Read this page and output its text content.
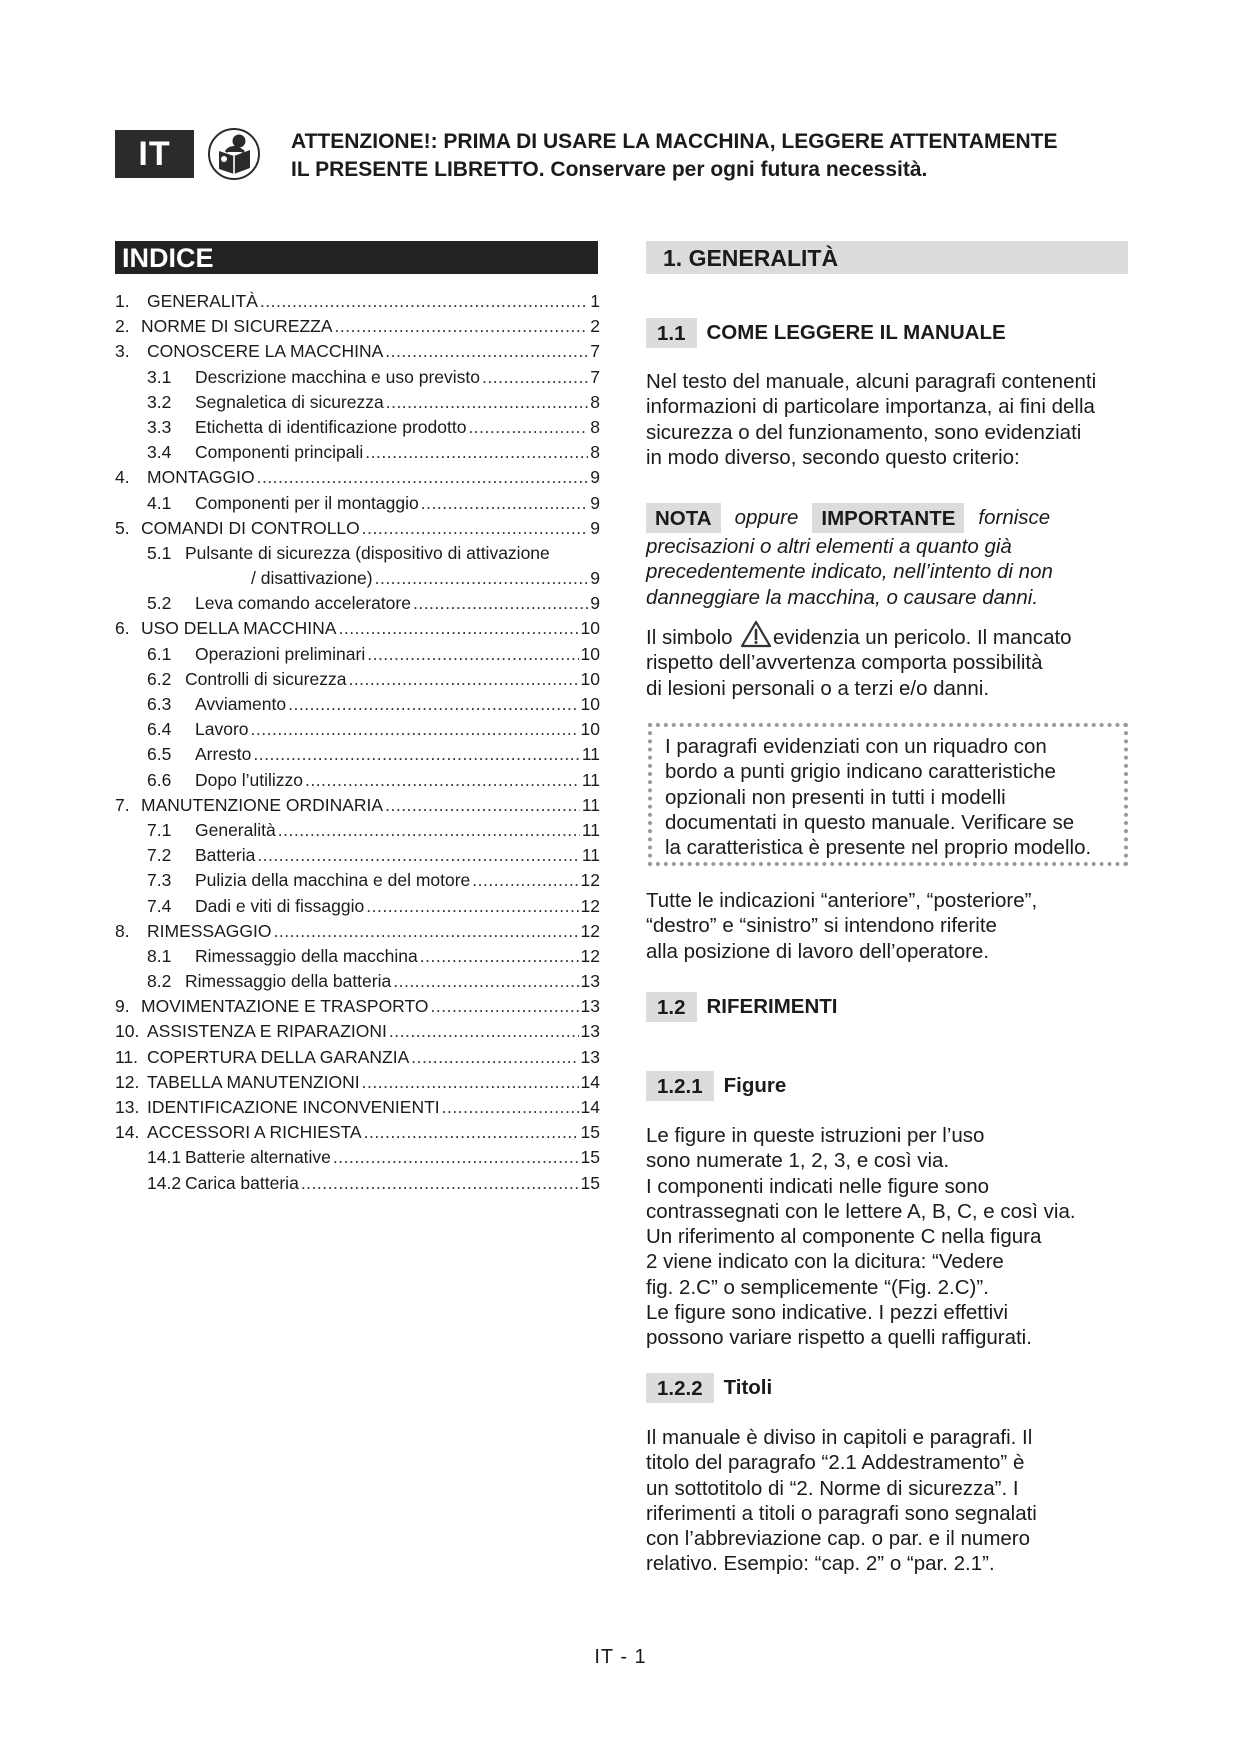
IT	ATTENZIONE!: PRIMA DI USARE LA MACCHINA, LEGGERE ATTENTAMENTE
IL PRESENTE LIBRETTO. Conservare per ogni futura necessità.
INDICE
1. GENERALITÀ .....	1
2. NORME DI SICUREZZA .....	2
3. CONOSCERE LA MACCHINA .....	7
3.1	Descrizione macchina e uso previsto .....	7
3.2	Segnaletica di sicurezza .....	8
3.3	Etichetta di identificazione prodotto .....	8
3.4	Componenti principali .....	8
4. MONTAGGIO .....	9
4.1	Componenti per il montaggio .....	9
5. COMANDI DI CONTROLLO .....	9
5.1 Pulsante di sicurezza (dispositivo di attivazione
/ disattivazione) .....	9
5.2	Leva comando acceleratore .....	9
6. USO DELLA MACCHINA .....	10
6.1	Operazioni preliminari .....	10
6.2 Controlli di sicurezza .....	10
6.3	Avviamento .....	10
6.4	Lavoro .....	10
6.5	Arresto .....	11
6.6	Dopo l’utilizzo .....	11
7. MANUTENZIONE ORDINARIA .....	11
7.1	Generalità .....	11
7.2	Batteria .....	11
7.3	Pulizia della macchina e del motore .....	12
7.4	Dadi e viti di fissaggio .....	12
8. RIMESSAGGIO .....	12
8.1	Rimessaggio della macchina .....	12
8.2 Rimessaggio della batteria .....	13
9. MOVIMENTAZIONE E TRASPORTO .....	13
10. ASSISTENZA E RIPARAZIONI .....	13
11. COPERTURA DELLA GARANZIA .....	13
12. TABELLA MANUTENZIONI .....	14
13. IDENTIFICAZIONE INCONVENIENTI .....	14
14. ACCESSORI A RICHIESTA .....	15
14.1 Batterie alternative .....	15
14.2 Carica batteria .....	15
1. GENERALITÀ
1.1	COME LEGGERE IL MANUALE
Nel testo del manuale, alcuni paragrafi contenenti
informazioni di particolare importanza, ai fini della
sicurezza o del funzionamento, sono evidenziati
in modo diverso, secondo questo criterio:
NOTA	oppure	IMPORTANTE	fornisce
precisazioni o altri elementi a quanto già
precedentemente indicato, nell’intento di non
danneggiare la macchina, o causare danni.
Il simbolo evidenzia un pericolo. Il mancato
rispetto dell’avvertenza comporta possibilità
di lesioni personali o a terzi e/o danni.
I paragrafi evidenziati con un riquadro con
bordo a punti grigio indicano caratteristiche
opzionali non presenti in tutti i modelli
documentati in questo manuale. Verificare se
la caratteristica è presente nel proprio modello.
Tutte le indicazioni “anteriore”, “posteriore”,
“destro” e “sinistro” si intendono riferite
alla posizione di lavoro dell’operatore.
1.2	RIFERIMENTI
1.2.1	Figure
Le figure in queste istruzioni per l’uso
sono numerate 1, 2, 3, e così via.
I componenti indicati nelle figure sono
contrassegnati con le lettere A, B, C, e così via.
Un riferimento al componente C nella figura
2 viene indicato con la dicitura: “Vedere
fig. 2.C” o semplicemente “(Fig. 2.C)”.
Le figure sono indicative. I pezzi effettivi
possono variare rispetto a quelli raffigurati.
1.2.2	Titoli
Il manuale è diviso in capitoli e paragrafi. Il
titolo del paragrafo “2.1 Addestramento” è
un sottotitolo di “2. Norme di sicurezza”. I
riferimenti a titoli o paragrafi sono segnalati
con l’abbreviazione cap. o par. e il numero
relativo. Esempio: “cap. 2” o “par. 2.1”.
IT - 1
